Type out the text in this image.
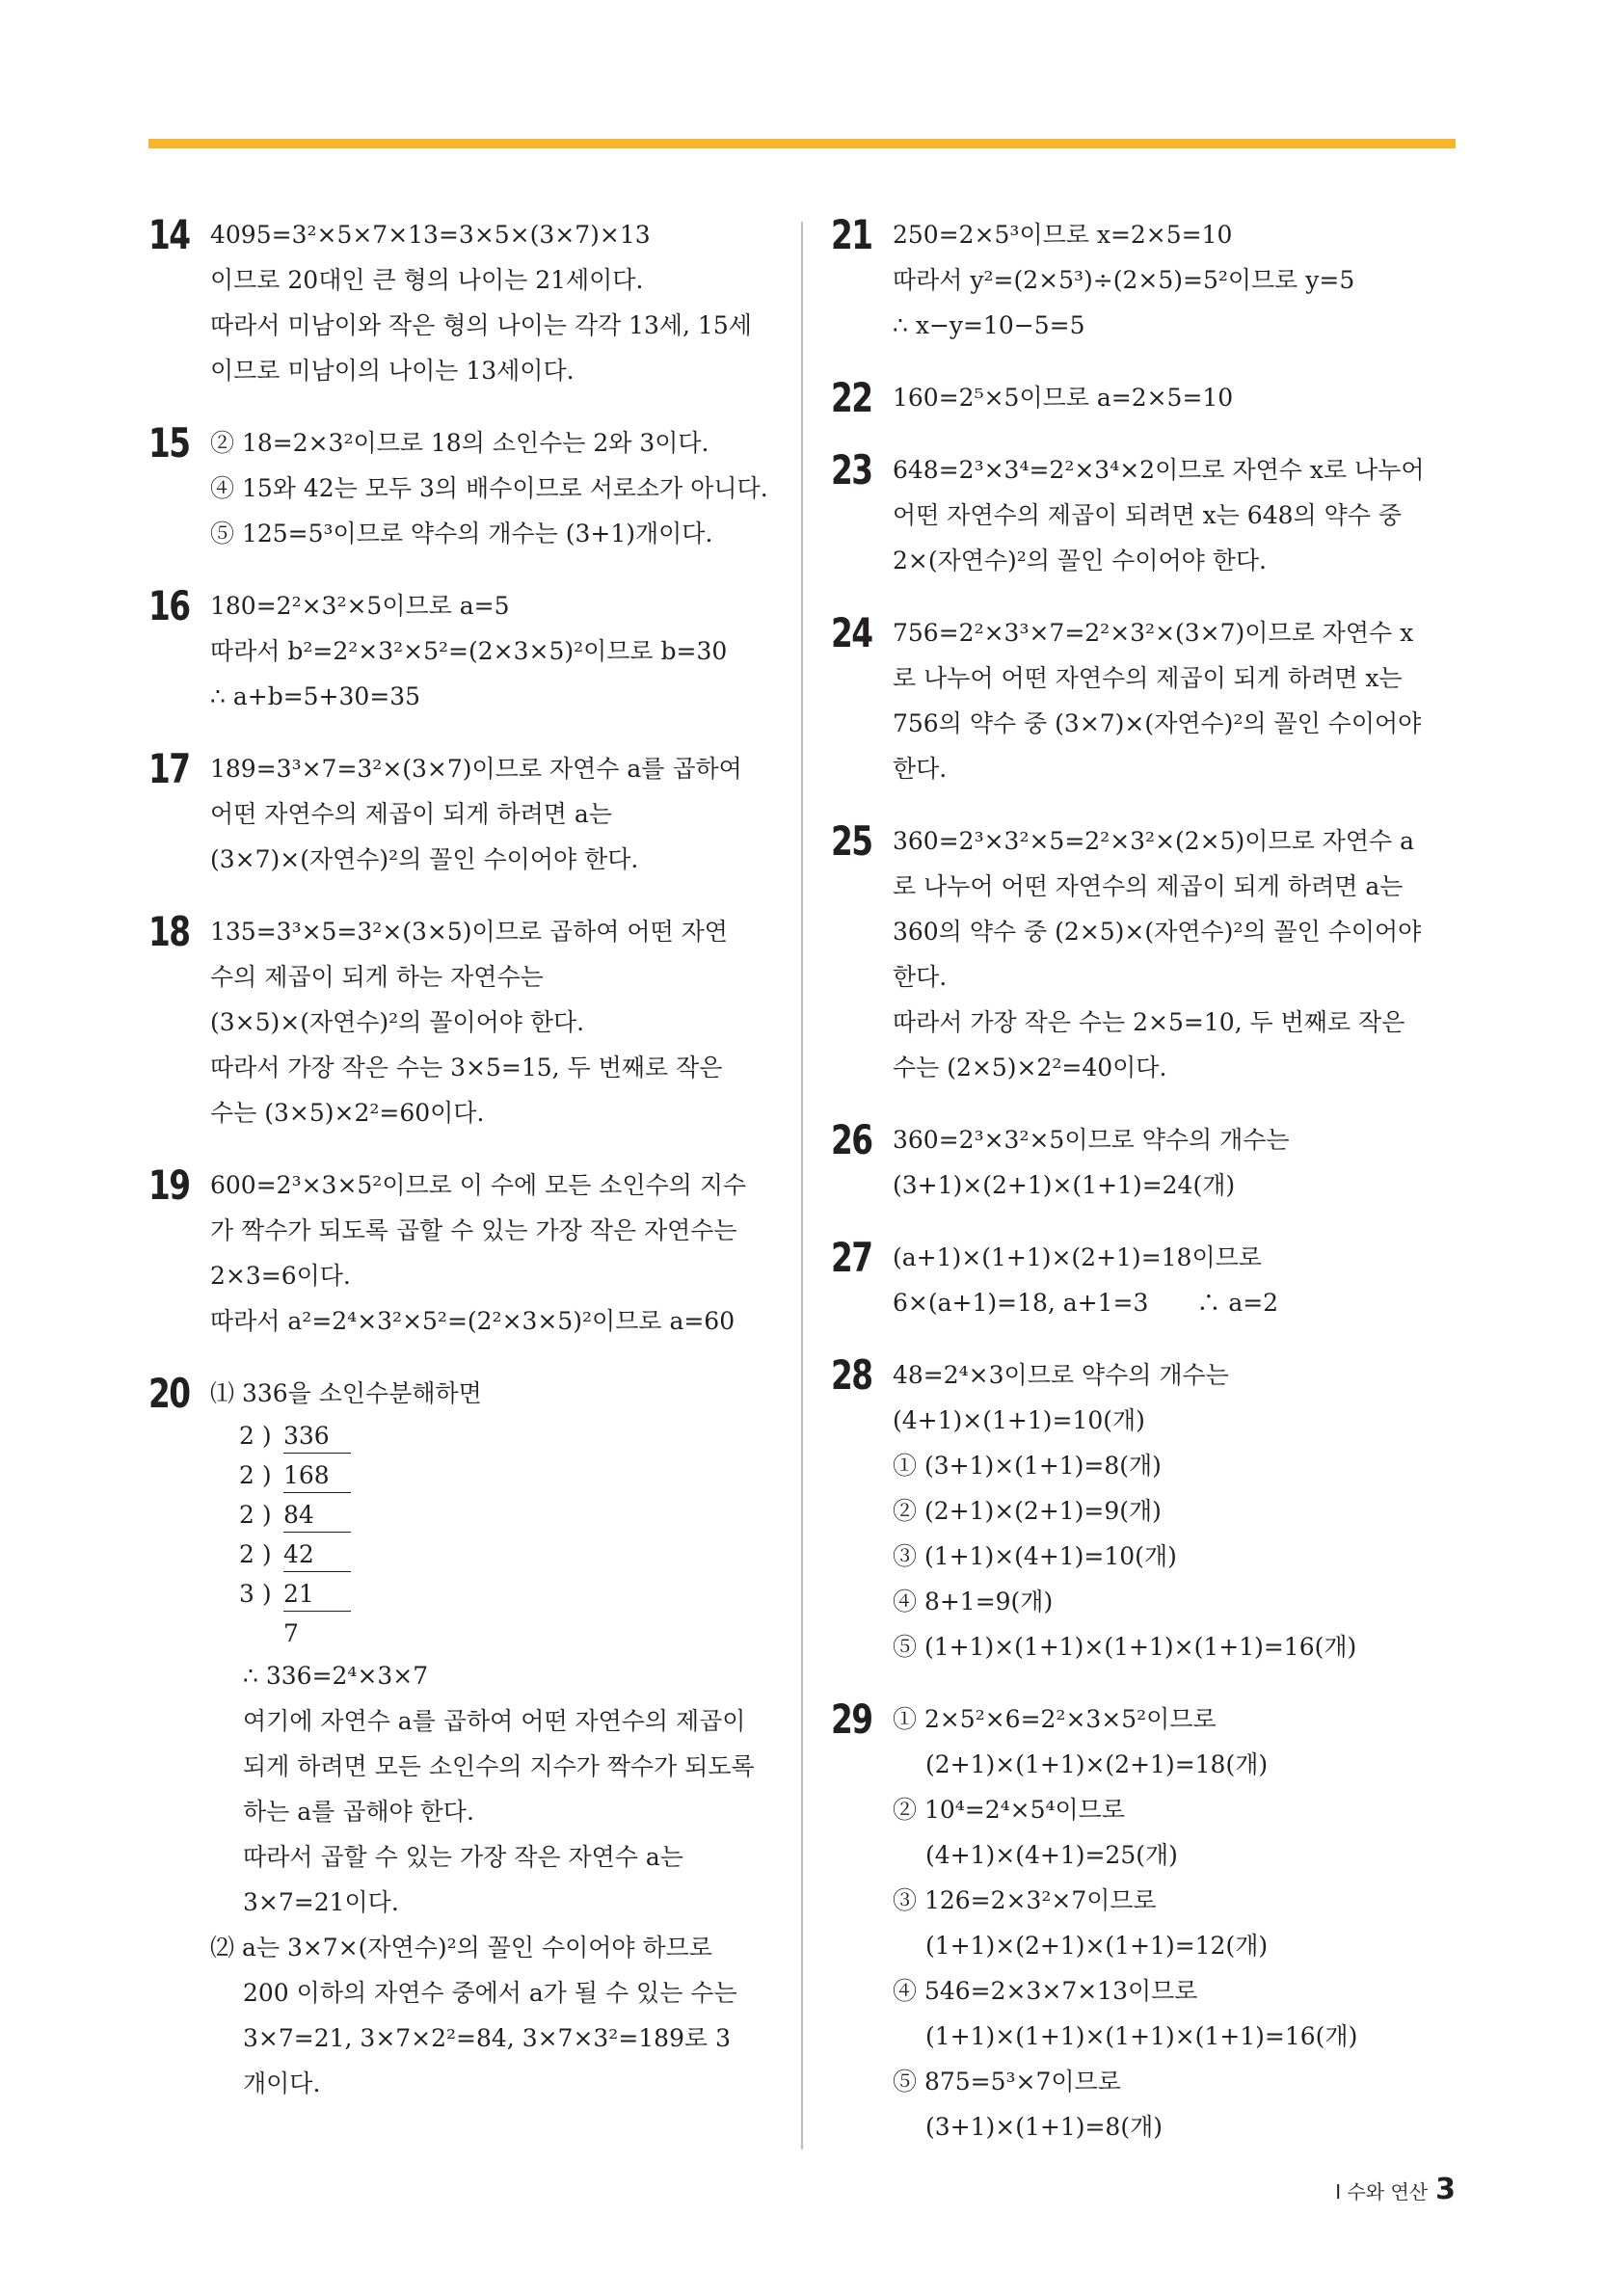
14 4095=3²×5×7×13=3×5×(3×7)×13
이므로 20대인 큰 형의 나이는 21세이다.
따라서 미남이와 작은 형의 나이는 각각 13세, 15세
이므로 미남이의 나이는 13세이다.
15 ② 18=2×3²이므로 18의 소인수는 2와 3이다.
④ 15와 42는 모두 3의 배수이므로 서로소가 아니다.
⑤ 125=5³이므로 약수의 개수는 (3+1)개이다.
16 180=2²×3²×5이므로 a=5
따라서 b²=2²×3²×5²=(2×3×5)²이므로 b=30
∴ a+b=5+30=35
17 189=3³×7=3²×(3×7)이므로 자연수 a를 곱하여
어떤 자연수의 제곱이 되게 하려면 a는
(3×7)×(자연수)²의 꼴인 수이어야 한다.
18 135=3³×5=3²×(3×5)이므로 곱하여 어떤 자연
수의 제곱이 되게 하는 자연수는
(3×5)×(자연수)²의 꼴이어야 한다.
따라서 가장 작은 수는 3×5=15, 두 번째로 작은
수는 (3×5)×2²=60이다.
19 600=2³×3×5²이므로 이 수에 모든 소인수의 지수
가 짝수가 되도록 곱할 수 있는 가장 작은 자연수는
2×3=6이다.
따라서 a²=2⁴×3²×5²=(2²×3×5)²이므로 a=60
20 ⑴ 336을 소인수분해하면
2 ) 336
2 ) 168
2 ) 84
2 ) 42
3 ) 21
7
∴ 336=2⁴×3×7
여기에 자연수 a를 곱하여 어떤 자연수의 제곱이
되게 하려면 모든 소인수의 지수가 짝수가 되도록
하는 a를 곱해야 한다.
따라서 곱할 수 있는 가장 작은 자연수 a는
3×7=21이다.
⑵ a는 3×7×(자연수)²의 꼴인 수이어야 하므로
200 이하의 자연수 중에서 a가 될 수 있는 수는
3×7=21, 3×7×2²=84, 3×7×3²=189로 3
개이다.
21 250=2×5³이므로 x=2×5=10
따라서 y²=(2×5³)÷(2×5)=5²이므로 y=5
∴ x−y=10−5=5
22 160=2⁵×5이므로 a=2×5=10
23 648=2³×3⁴=2²×3⁴×2이므로 자연수 x로 나누어
어떤 자연수의 제곱이 되려면 x는 648의 약수 중
2×(자연수)²의 꼴인 수이어야 한다.
24 756=2²×3³×7=2²×3²×(3×7)이므로 자연수 x
로 나누어 어떤 자연수의 제곱이 되게 하려면 x는
756의 약수 중 (3×7)×(자연수)²의 꼴인 수이어야
한다.
25 360=2³×3²×5=2²×3²×(2×5)이므로 자연수 a
로 나누어 어떤 자연수의 제곱이 되게 하려면 a는
360의 약수 중 (2×5)×(자연수)²의 꼴인 수이어야
한다.
따라서 가장 작은 수는 2×5=10, 두 번째로 작은
수는 (2×5)×2²=40이다.
26 360=2³×3²×5이므로 약수의 개수는
(3+1)×(2+1)×(1+1)=24(개)
27 (a+1)×(1+1)×(2+1)=18이므로
6×(a+1)=18, a+1=3　　∴ a=2
28 48=2⁴×3이므로 약수의 개수는
(4+1)×(1+1)=10(개)
① (3+1)×(1+1)=8(개)
② (2+1)×(2+1)=9(개)
③ (1+1)×(4+1)=10(개)
④ 8+1=9(개)
⑤ (1+1)×(1+1)×(1+1)×(1+1)=16(개)
29 ① 2×5²×6=2²×3×5²이므로
(2+1)×(1+1)×(2+1)=18(개)
② 10⁴=2⁴×5⁴이므로
(4+1)×(4+1)=25(개)
③ 126=2×3²×7이므로
(1+1)×(2+1)×(1+1)=12(개)
④ 546=2×3×7×13이므로
(1+1)×(1+1)×(1+1)×(1+1)=16(개)
⑤ 875=5³×7이므로
(3+1)×(1+1)=8(개)
Ⅰ 수와 연산 3
